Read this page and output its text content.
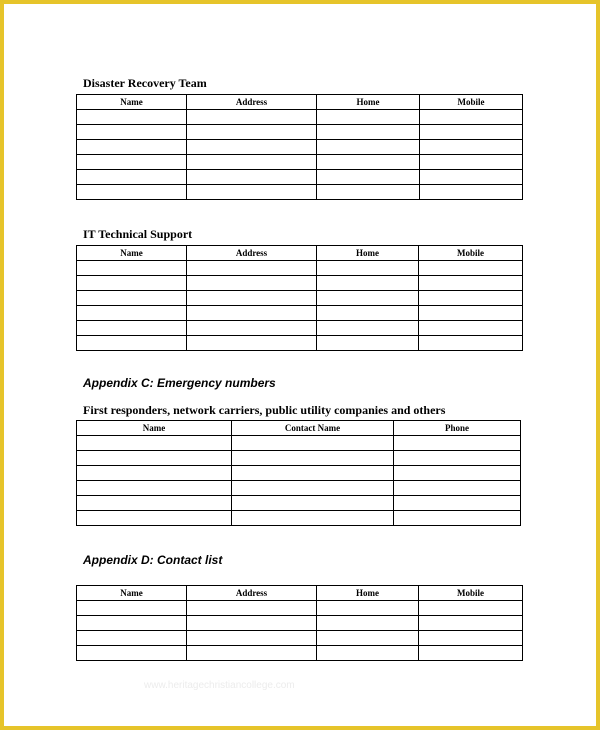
Disaster Recovery Team
Name	Address	Home	Mobile

IT Technical Support
Name	Address	Home	Mobile

Appendix C: Emergency numbers
First responders, network carriers, public utility companies and others
Name	Contact Name	Phone

Appendix D: Contact list
Name	Address	Home	Mobile

www.heritagechristiancollege.com
